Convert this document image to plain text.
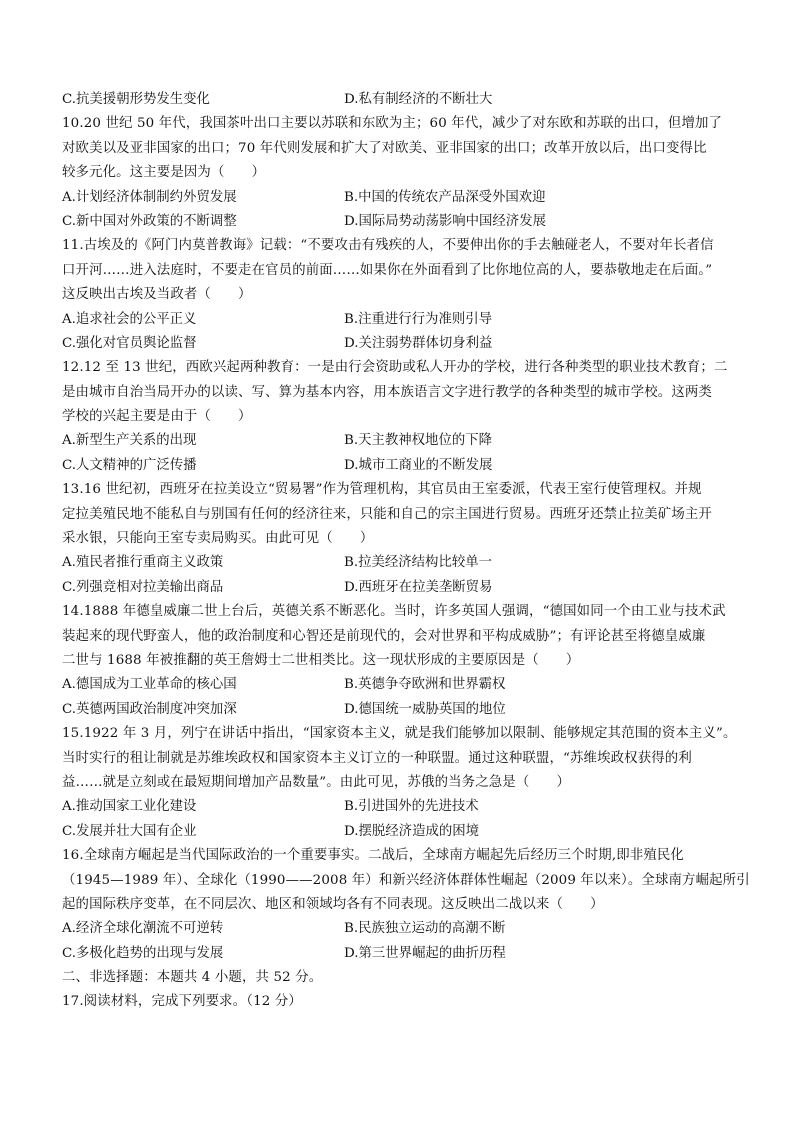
C.抗美援朝形势发生变化	D.私有制经济的不断壮大
10.20 世纪 50 年代，我国茶叶出口主要以苏联和东欧为主；60 年代，减少了对东欧和苏联的出口，但增加了
对欧美以及亚非国家的出口；70 年代则发展和扩大了对欧美、亚非国家的出口；改革开放以后，出口变得比
较多元化。这主要是因为（　　）
A.计划经济体制制约外贸发展	B.中国的传统农产品深受外国欢迎
C.新中国对外政策的不断调整	D.国际局势动荡影响中国经济发展
11.古埃及的《阿门内莫普教诲》记载：“不要攻击有残疾的人，不要伸出你的手去触碰老人，不要对年长者信
口开河……进入法庭时，不要走在官员的前面……如果你在外面看到了比你地位高的人，要恭敬地走在后面。”
这反映出古埃及当政者（　　）
A.追求社会的公平正义	B.注重进行行为准则引导
C.强化对官员舆论监督	D.关注弱势群体切身利益
12.12 至 13 世纪，西欧兴起两种教育：一是由行会资助或私人开办的学校，进行各种类型的职业技术教育；二
是由城市自治当局开办的以读、写、算为基本内容，用本族语言文字进行教学的各种类型的城市学校。这两类
学校的兴起主要是由于（　　）
A.新型生产关系的出现	B.天主教神权地位的下降
C.人文精神的广泛传播	D.城市工商业的不断发展
13.16 世纪初，西班牙在拉美设立“贸易署”作为管理机构，其官员由王室委派，代表王室行使管理权。并规
定拉美殖民地不能私自与别国有任何的经济往来，只能和自己的宗主国进行贸易。西班牙还禁止拉美矿场主开
采水银，只能向王室专卖局购买。由此可见（　　）
A.殖民者推行重商主义政策	B.拉美经济结构比较单一
C.列强竞相对拉美输出商品	D.西班牙在拉美垄断贸易
14.1888 年德皇威廉二世上台后，英德关系不断恶化。当时，许多英国人强调，“德国如同一个由工业与技术武
装起来的现代野蛮人，他的政治制度和心智还是前现代的，会对世界和平构成威胁”；有评论甚至将德皇威廉
二世与 1688 年被推翻的英王詹姆士二世相类比。这一现状形成的主要原因是（　　）
A.德国成为工业革命的核心国	B.英德争夺欧洲和世界霸权
C.英德两国政治制度冲突加深	D.德国统一威胁英国的地位
15.1922 年 3 月，列宁在讲话中指出，“国家资本主义，就是我们能够加以限制、能够规定其范围的资本主义”。
当时实行的租让制就是苏维埃政权和国家资本主义订立的一种联盟。通过这种联盟，“苏维埃政权获得的利
益……就是立刻或在最短期间增加产品数量”。由此可见，苏俄的当务之急是（　　）
A.推动国家工业化建设	B.引进国外的先进技术
C.发展并壮大国有企业	D.摆脱经济造成的困境
16.全球南方崛起是当代国际政治的一个重要事实。二战后，全球南方崛起先后经历三个时期,即非殖民化
（1945—1989 年）、全球化（1990——2008 年）和新兴经济体群体性崛起（2009 年以来）。全球南方崛起所引
起的国际秩序变革，在不同层次、地区和领域均各有不同表现。这反映出二战以来（　　）
A.经济全球化潮流不可逆转	B.民族独立运动的高潮不断
C.多极化趋势的出现与发展	D.第三世界崛起的曲折历程
二、非选择题：本题共 4 小题，共 52 分。
17.阅读材料，完成下列要求。（12 分）
